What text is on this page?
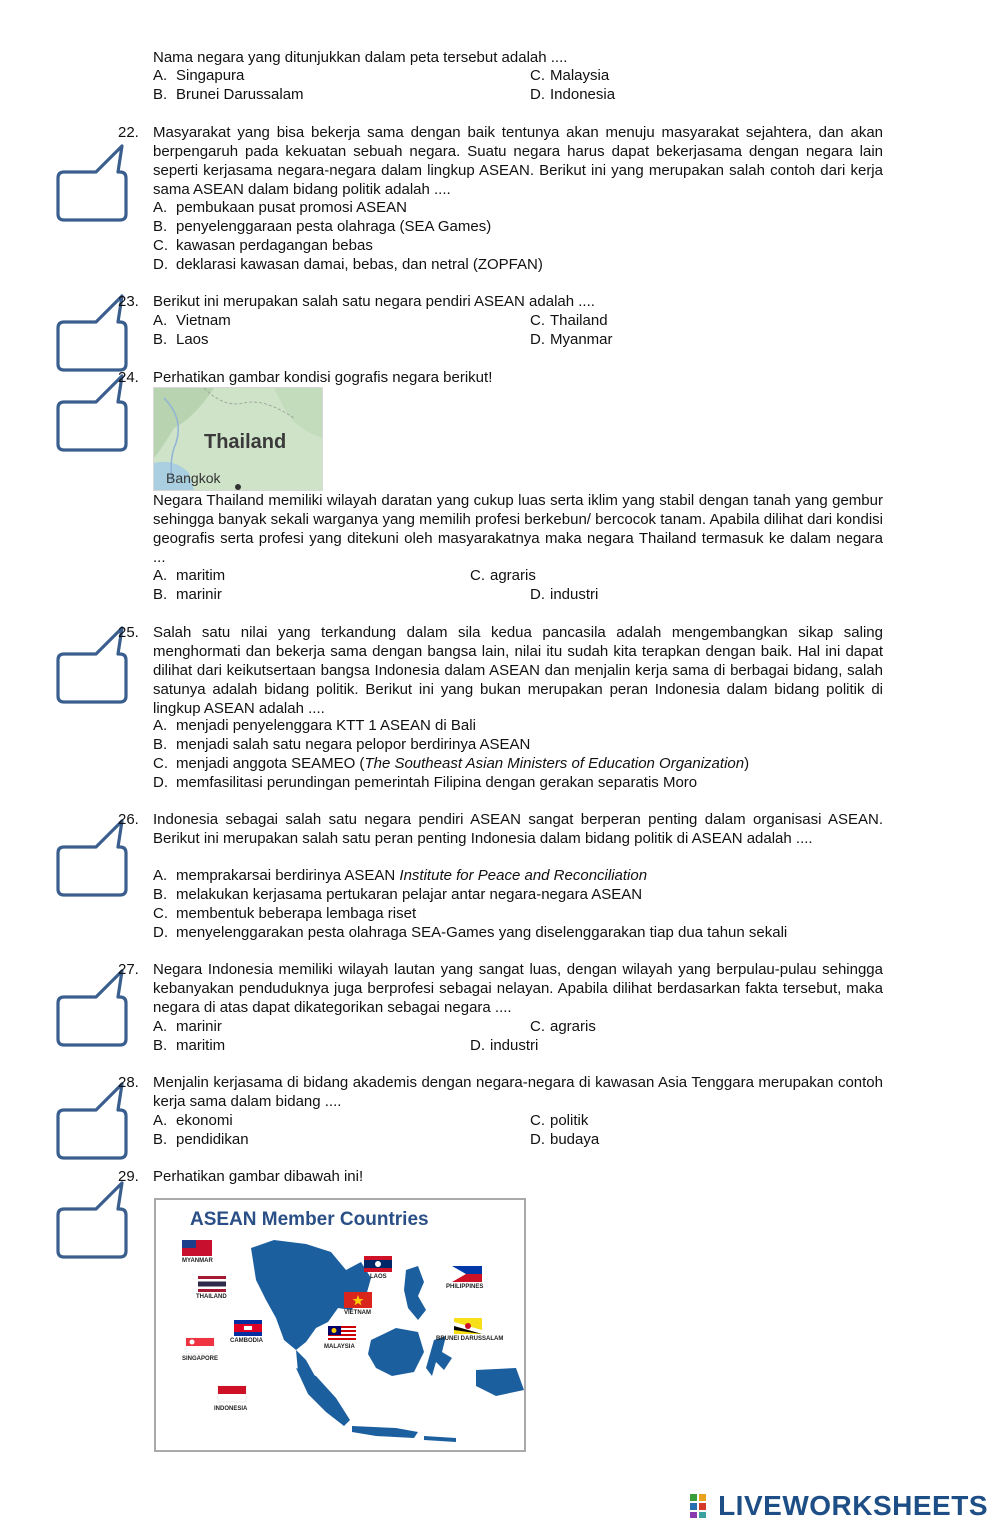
Nama negara yang ditunjukkan dalam peta tersebut adalah ....
A. Singapura
B. Brunei Darussalam
C. Malaysia
D. Indonesia
22. Masyarakat yang bisa bekerja sama dengan baik tentunya akan menuju masyarakat sejahtera, dan akan berpengaruh pada kekuatan sebuah negara. Suatu negara harus dapat bekerjasama dengan negara lain seperti kerjasama negara-negara dalam lingkup ASEAN. Berikut ini yang merupakan salah contoh dari kerja sama ASEAN dalam bidang politik adalah ....
A. pembukaan pusat promosi ASEAN
B. penyelenggaraan pesta olahraga (SEA Games)
C. kawasan perdagangan bebas
D. deklarasi kawasan damai, bebas, dan netral (ZOPFAN)
23. Berikut ini merupakan salah satu negara pendiri ASEAN adalah ....
A. Vietnam
B. Laos
C. Thailand
D. Myanmar
24. Perhatikan gambar kondisi gografis negara berikut!
Thailand
Bangkok
Negara Thailand memiliki wilayah daratan yang cukup luas serta iklim yang stabil dengan tanah yang gembur sehingga banyak sekali warganya yang memilih profesi berkebun/ bercocok tanam. Apabila dilihat dari kondisi geografis serta profesi yang ditekuni oleh masyarakatnya maka negara Thailand termasuk ke dalam negara ...
A. maritim
B. marinir
C. agraris
D. industri
25. Salah satu nilai yang terkandung dalam sila kedua pancasila adalah mengembangkan sikap saling menghormati dan bekerja sama dengan bangsa lain, nilai itu sudah kita terapkan dengan baik. Hal ini dapat dilihat dari keikutsertaan bangsa Indonesia dalam ASEAN dan menjalin kerja sama di berbagai bidang, salah satunya adalah bidang politik. Berikut ini yang bukan merupakan peran Indonesia dalam bidang politik di lingkup ASEAN adalah ....
A. menjadi penyelenggara KTT 1 ASEAN di Bali
B. menjadi salah satu negara pelopor berdirinya ASEAN
C. menjadi anggota SEAMEO (The Southeast Asian Ministers of Education Organization)
D. memfasilitasi perundingan pemerintah Filipina dengan gerakan separatis Moro
26. Indonesia sebagai salah satu negara pendiri ASEAN sangat berperan penting dalam organisasi ASEAN. Berikut ini merupakan salah satu peran penting Indonesia dalam bidang politik di ASEAN adalah ....
A. memprakarsai berdirinya ASEAN Institute for Peace and Reconciliation
B. melakukan kerjasama pertukaran pelajar antar negara-negara ASEAN
C. membentuk beberapa lembaga riset
D. menyelenggarakan pesta olahraga SEA-Games yang diselenggarakan tiap dua tahun sekali
27. Negara Indonesia memiliki wilayah lautan yang sangat luas, dengan wilayah yang berpulau-pulau sehingga kebanyakan penduduknya juga berprofesi sebagai nelayan. Apabila dilihat berdasarkan fakta tersebut, maka negara di atas dapat dikategorikan sebagai negara ....
A. marinir
B. maritim
C. agraris
D. industri
28. Menjalin kerjasama di bidang akademis dengan negara-negara di kawasan Asia Tenggara merupakan contoh kerja sama dalam bidang ....
A. ekonomi
B. pendidikan
C. politik
D. budaya
29. Perhatikan gambar dibawah ini!
ASEAN Member Countries
MYANMAR
LAOS
PHILIPPINES
THAILAND
VIETNAM
CAMBODIA
MALAYSIA
BRUNEI DARUSSALAM
SINGAPORE
INDONESIA
LIVEWORKSHEETS
